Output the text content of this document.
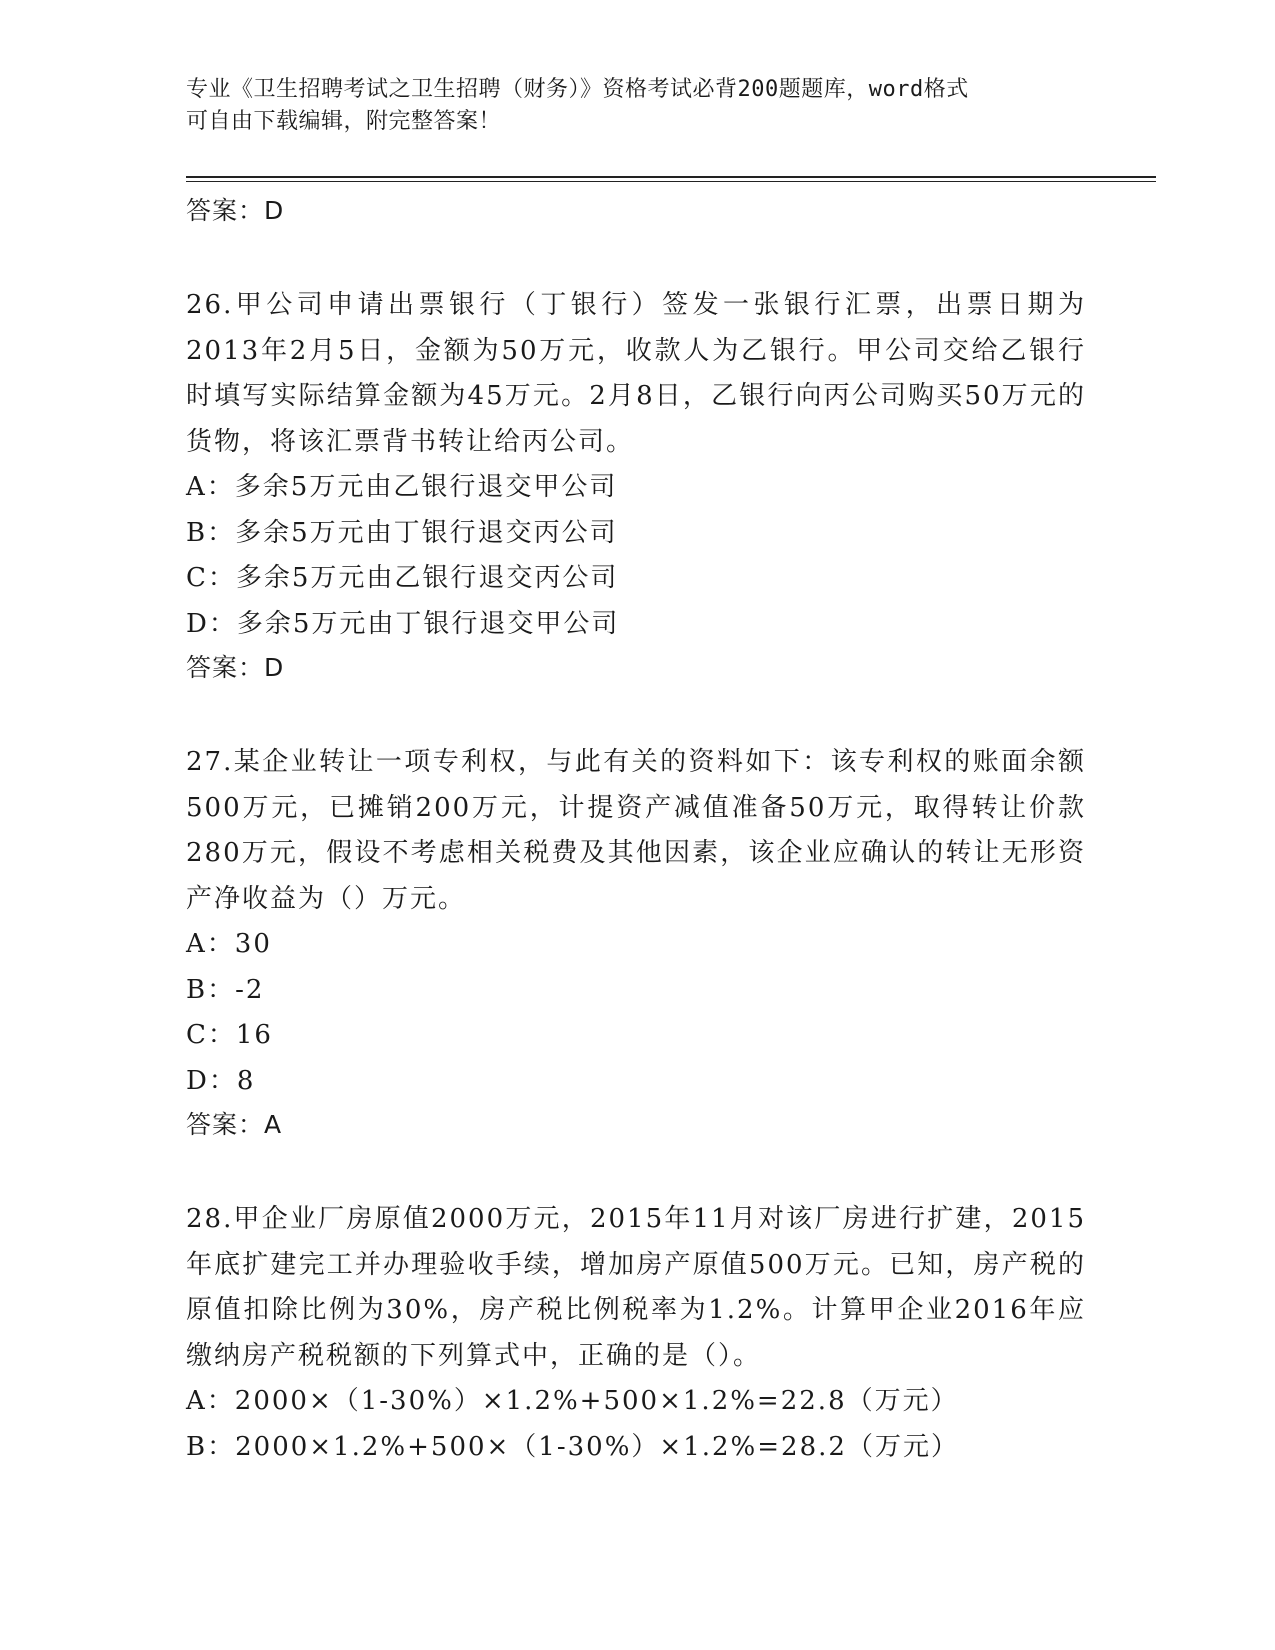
专业《卫生招聘考试之卫生招聘（财务）》资格考试必背200题题库，word格式
可自由下载编辑，附完整答案！
答案：D

26.甲公司申请出票银行（丁银行）签发一张银行汇票，出票日期为2013年2月5日，金额为50万元，收款人为乙银行。甲公司交给乙银行时填写实际结算金额为45万元。2月8日，乙银行向丙公司购买50万元的货物，将该汇票背书转让给丙公司。

A：多余5万元由乙银行退交甲公司
B：多余5万元由丁银行退交丙公司
C：多余5万元由乙银行退交丙公司
D：多余5万元由丁银行退交甲公司
答案：D

27.某企业转让一项专利权，与此有关的资料如下：该专利权的账面余额500万元，已摊销200万元，计提资产减值准备50万元，取得转让价款280万元，假设不考虑相关税费及其他因素，该企业应确认的转让无形资产净收益为（）万元。

A：30
B：-2
C：16
D：8
答案：A

28.甲企业厂房原值2000万元，2015年11月对该厂房进行扩建，2015年底扩建完工并办理验收手续，增加房产原值500万元。已知，房产税的原值扣除比例为30%，房产税比例税率为1.2%。计算甲企业2016年应缴纳房产税税额的下列算式中，正确的是（）。

A：2000×（1-30%）×1.2%+500×1.2%=22.8（万元）
B：2000×1.2%+500×（1-30%）×1.2%=28.2（万元）
